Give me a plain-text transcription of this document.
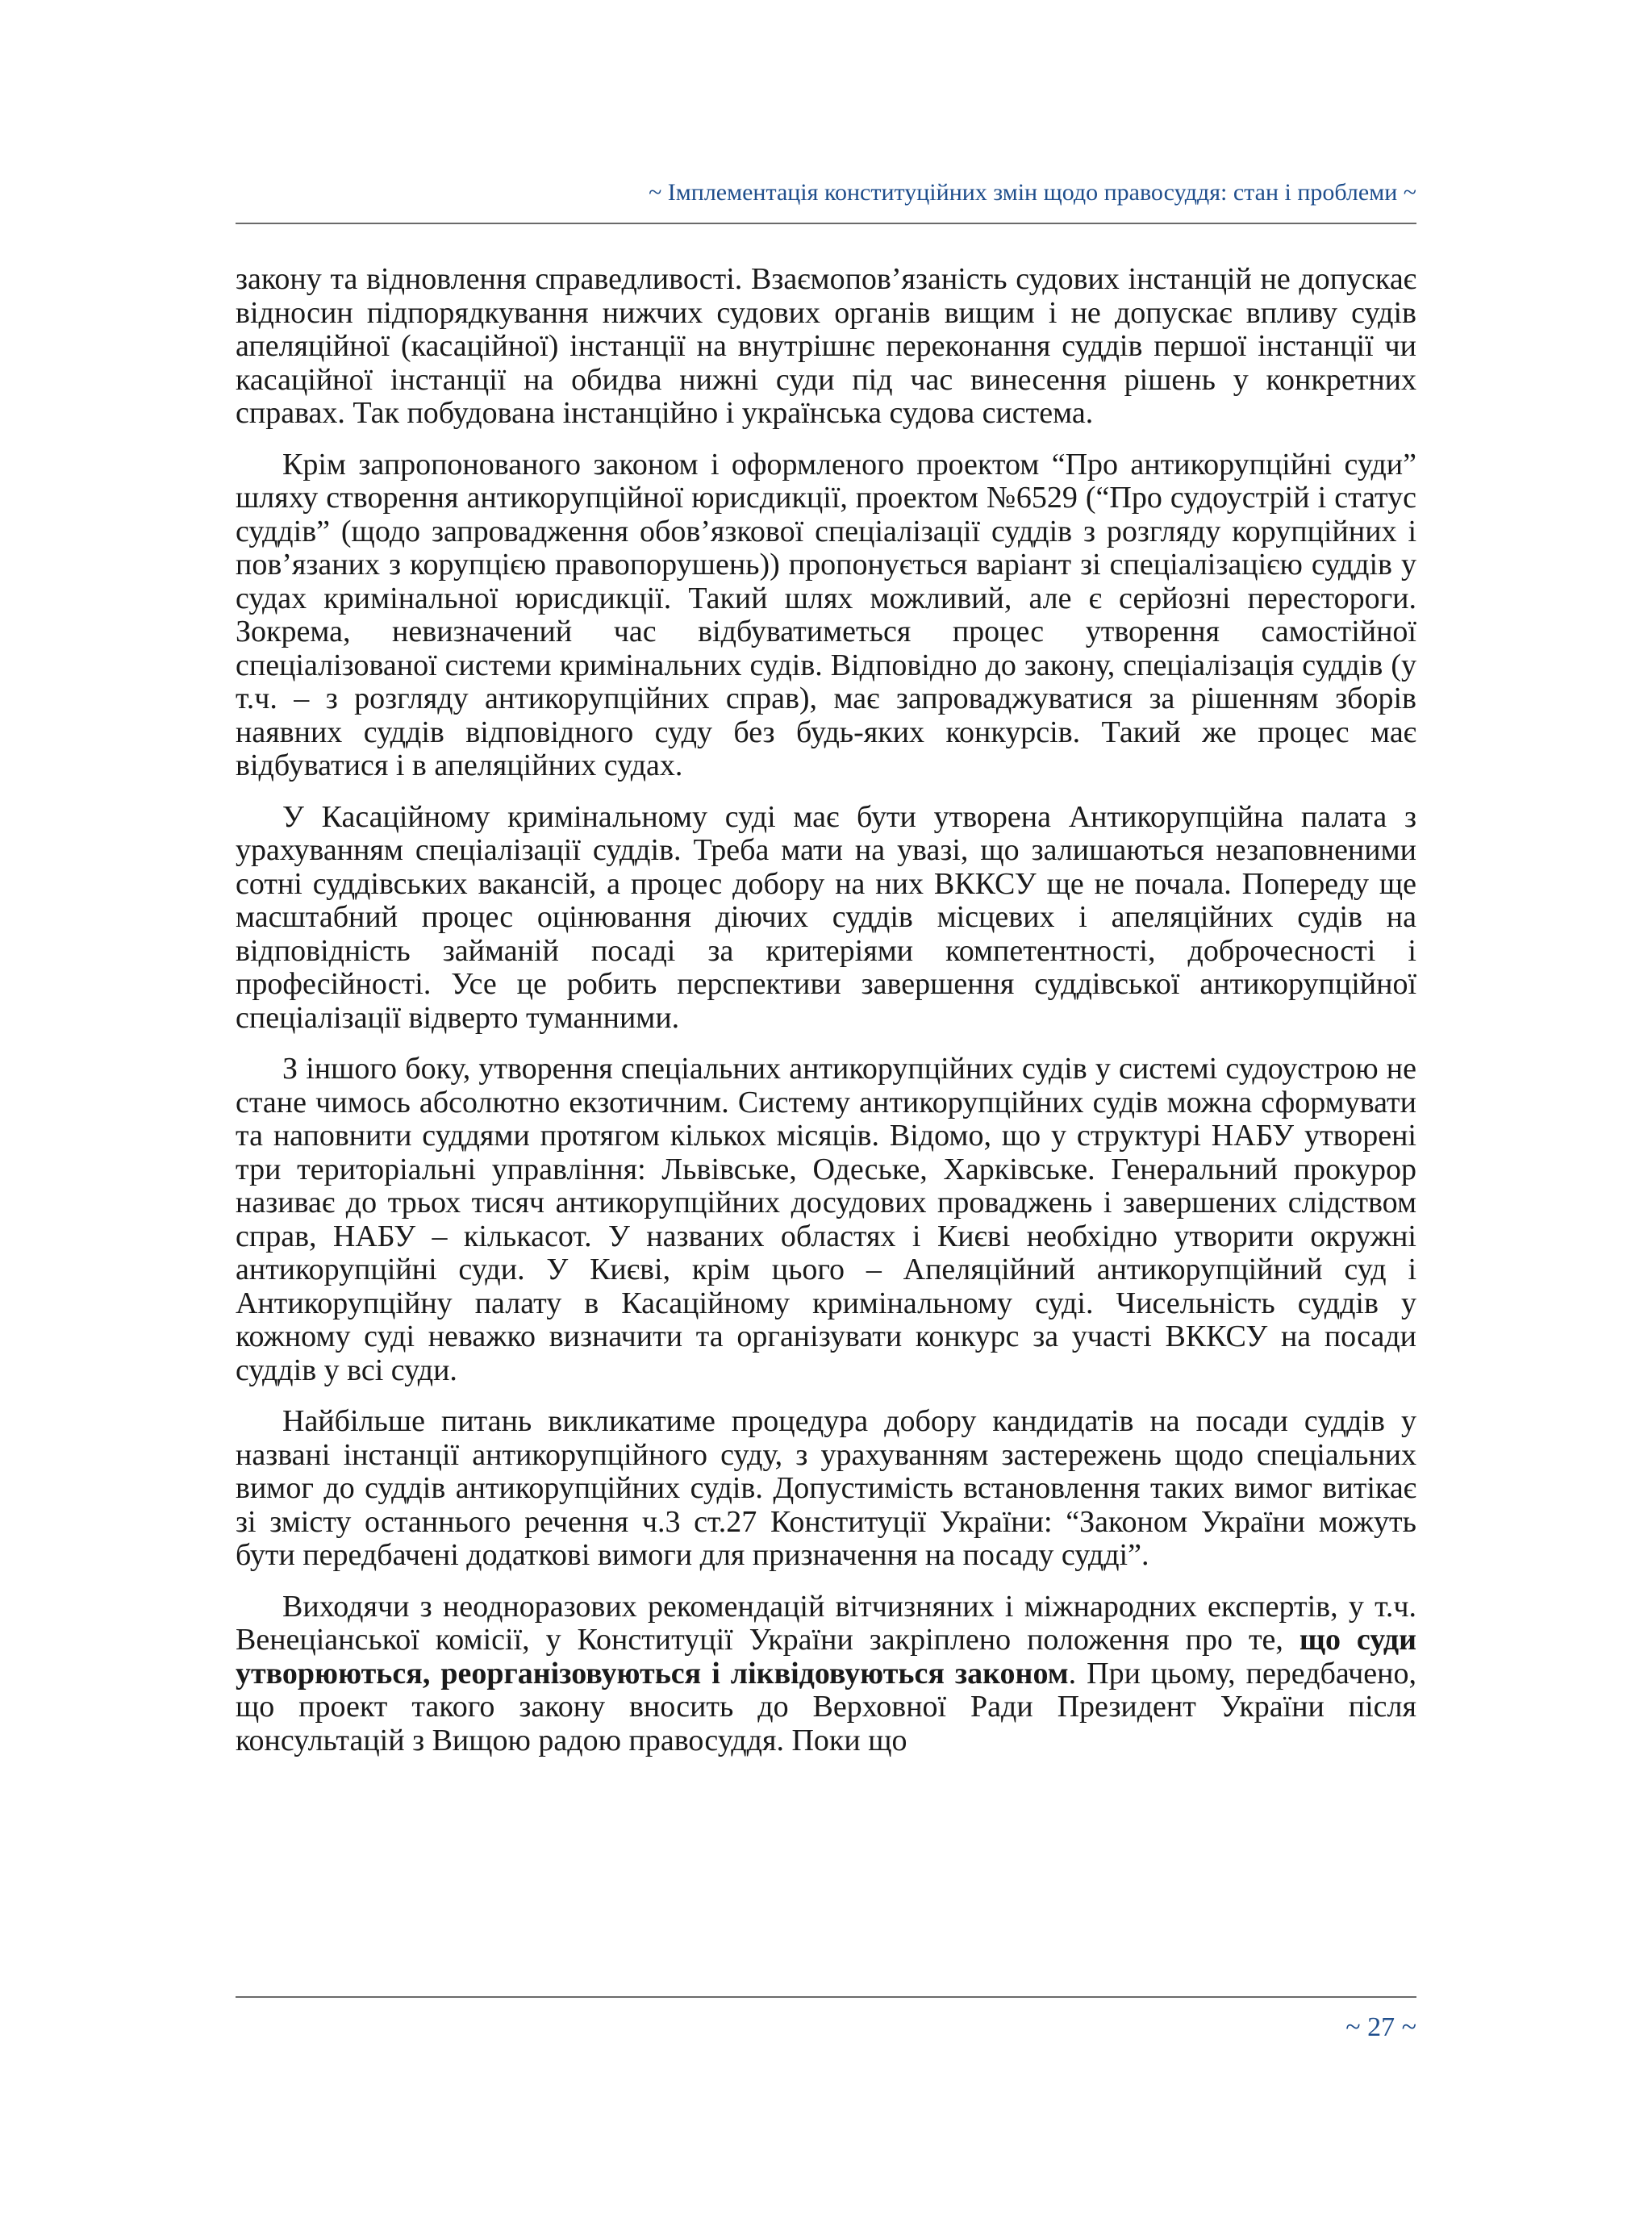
~ Імплементація конституційних змін щодо правосуддя: стан і проблеми ~

закону та відновлення справедливості. Взаємопов’язаність судових інстанцій не допускає відносин підпорядкування нижчих судових органів вищим і не допускає впливу судів апеляційної (касаційної) інстанції на внутрішнє переконання суддів першої інстанції чи касаційної інстанції на обидва нижні суди під час винесення рішень у конкретних справах. Так побудована інстанційно і українська судова система.

Крім запропонованого законом і оформленого проектом “Про антикорупційні суди” шляху створення антикорупційної юрисдикції, проектом №6529 (“Про судоустрій і статус суддів” (щодо запровадження обов’язкової спеціалізації суддів з розгляду корупційних і пов’язаних з корупцією правопорушень)) пропонується варіант зі спеціалізацією суддів у судах кримінальної юрисдикції. Такий шлях можливий, але є серйозні перестороги. Зокрема, невизначений час відбуватиметься процес утворення самостійної спеціалізованої системи кримінальних судів. Відповідно до закону, спеціалізація суддів (у т.ч. – з розгляду антикорупційних справ), має запроваджуватися за рішенням зборів наявних суддів відповідного суду без будь-яких конкурсів. Такий же процес має відбуватися і в апеляційних судах.

У Касаційному кримінальному суді має бути утворена Антикорупційна палата з урахуванням спеціалізації суддів. Треба мати на увазі, що залишаються незаповненими сотні суддівських вакансій, а процес добору на них ВККСУ ще не почала. Попереду ще масштабний процес оцінювання діючих суддів місцевих і апеляційних судів на відповідність займаній посаді за критеріями компетентності, доброчесності і професійності. Усе це робить перспективи завершення суддівської антикорупційної спеціалізації відверто туманними.

З іншого боку, утворення спеціальних антикорупційних судів у системі судоустрою не стане чимось абсолютно екзотичним. Систему антикорупційних судів можна сформувати та наповнити суддями протягом кількох місяців. Відомо, що у структурі НАБУ утворені три територіальні управління: Львівське, Одеське, Харківське. Генеральний прокурор називає до трьох тисяч антикорупційних досудових проваджень і завершених слідством справ, НАБУ – кількасот. У названих областях і Києві необхідно утворити окружні антикорупційні суди. У Києві, крім цього – Апеляційний антикорупційний суд і Антикорупційну палату в Касаційному кримінальному суді. Чисельність суддів у кожному суді неважко визначити та організувати конкурс за участі ВККСУ на посади суддів у всі суди.

Найбільше питань викликатиме процедура добору кандидатів на посади суддів у названі інстанції антикорупційного суду, з урахуванням застережень щодо спеціальних вимог до суддів антикорупційних судів. Допустимість встановлення таких вимог витікає зі змісту останнього речення ч.3 ст.27 Конституції України: “Законом України можуть бути передбачені додаткові вимоги для призначення на посаду судді”.

Виходячи з неодноразових рекомендацій вітчизняних і міжнародних експертів, у т.ч. Венеціанської комісії, у Конституції України закріплено положення про те, що суди утворюються, реорганізовуються і ліквідовуються законом. При цьому, передбачено, що проект такого закону вносить до Верховної Ради Президент України після консультацій з Вищою радою правосуддя. Поки що

~ 27 ~
